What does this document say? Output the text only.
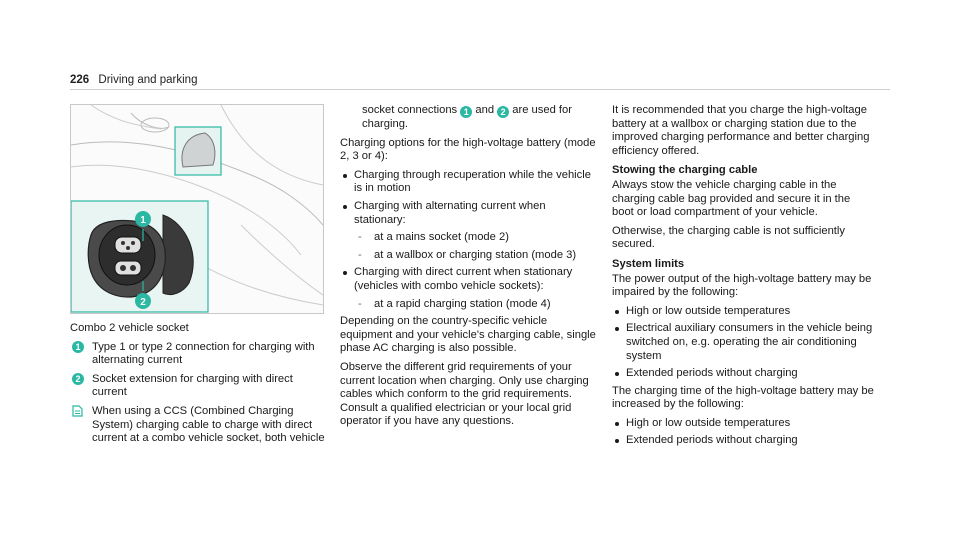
226 Driving and parking
1
2
Combo 2 vehicle socket
1	Type 1 or type 2 connection for charging with alternating current
2	Socket extension for charging with direct current
When using a CCS (Combined Charging System) charging cable to charge with direct current at a combo vehicle socket, both vehicle

socket connections 1 and 2 are used for charging.

Charging options for the high-voltage battery (mode 2, 3 or 4):

Charging through recuperation while the vehicle is in motion
Charging with alternating current when stationary:
- at a mains socket (mode 2)
- at a wallbox or charging station (mode 3)
Charging with direct current when stationary (vehicles with combo vehicle sockets):
- at a rapid charging station (mode 4)

Depending on the country-specific vehicle equipment and your vehicle's charging cable, single phase AC charging is also possible.

Observe the different grid requirements of your current location when charging. Only use charging cables which conform to the grid requirements. Consult a qualified electrician or your local grid operator if you have any questions.

It is recommended that you charge the high-voltage battery at a wallbox or charging station due to the improved charging performance and better charging efficiency offered.

Stowing the charging cable

Always stow the vehicle charging cable in the charging cable bag provided and secure it in the boot or load compartment of your vehicle.

Otherwise, the charging cable is not sufficiently secured.

System limits

The power output of the high-voltage battery may be impaired by the following:

High or low outside temperatures
Electrical auxiliary consumers in the vehicle being switched on, e.g. operating the air conditioning system
Extended periods without charging

The charging time of the high-voltage battery may be increased by the following:

High or low outside temperatures
Extended periods without charging
